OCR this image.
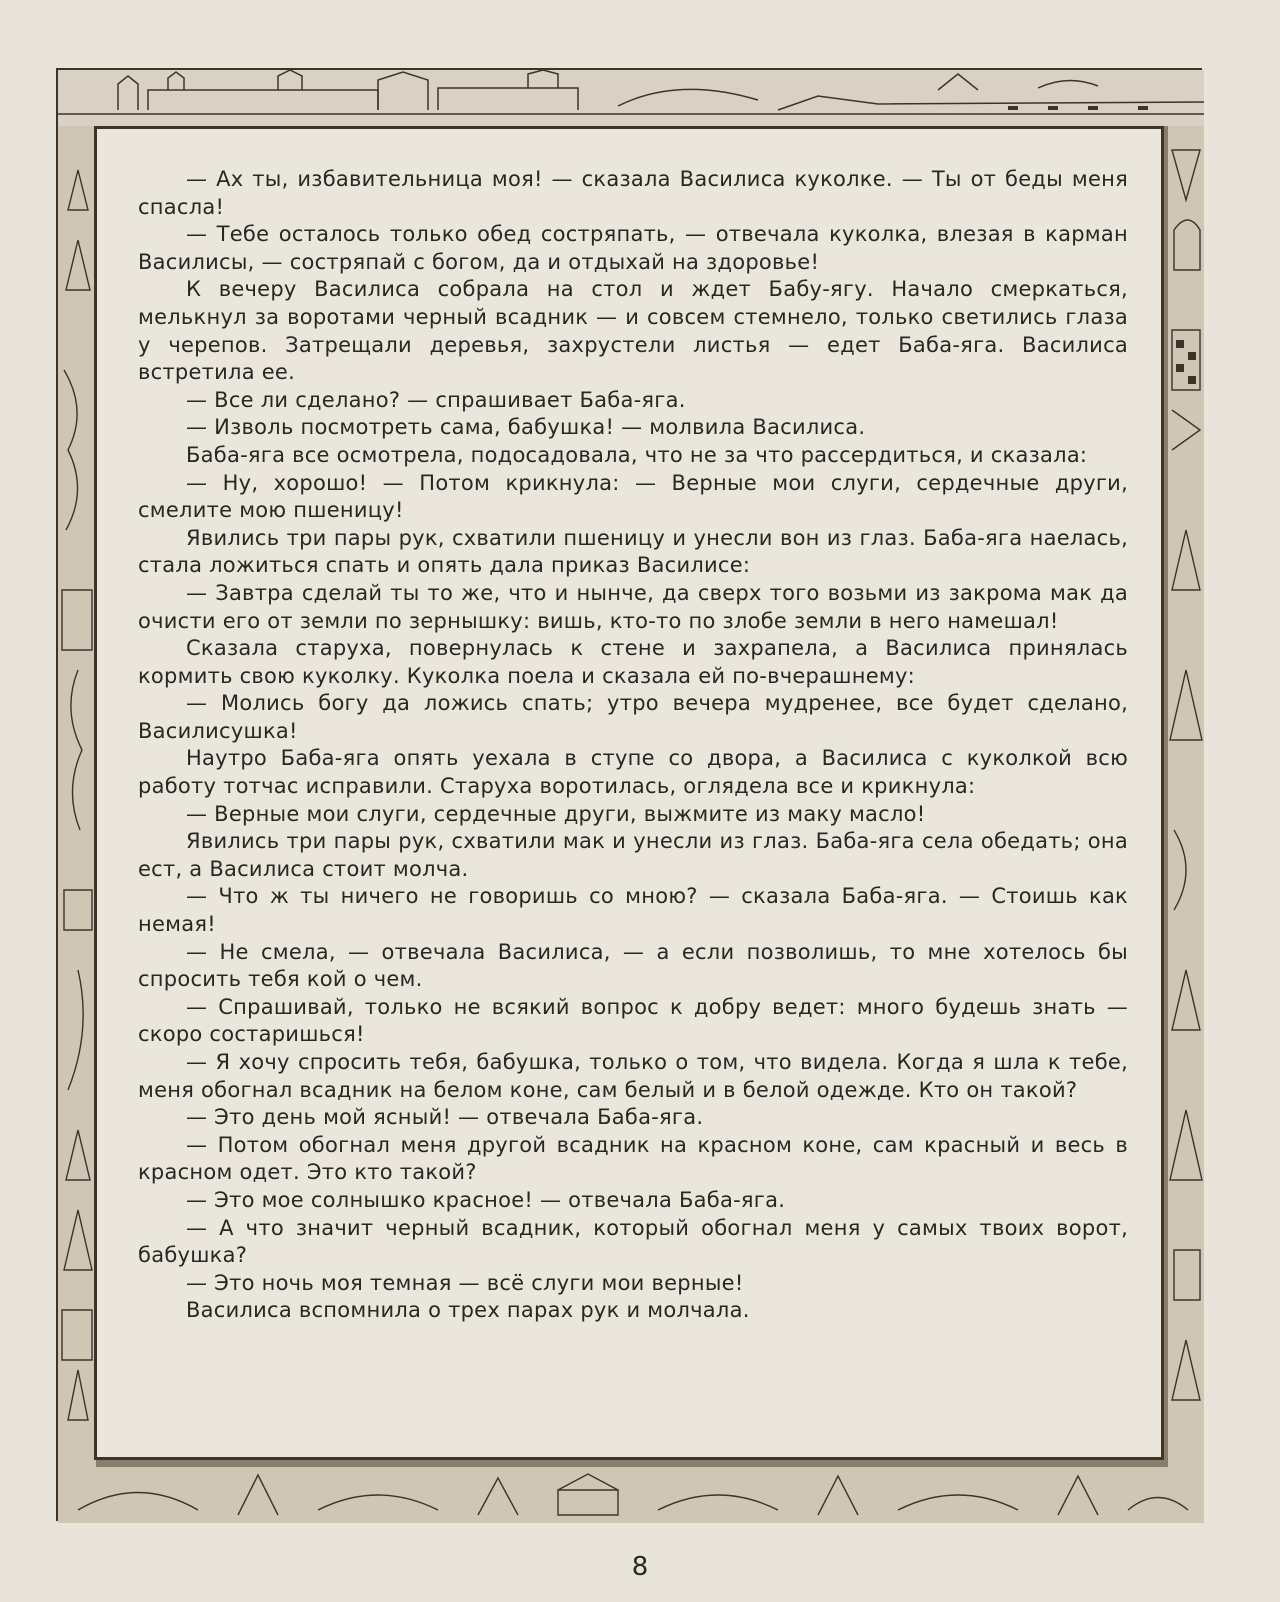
— Ах ты, избавительница моя! — сказала Василиса куколке. — Ты от беды меня спасла!

— Тебе осталось только обед состряпать, — отвечала куколка, влезая в карман Василисы, — состряпай с богом, да и отдыхай на здоровье!

К вечеру Василиса собрала на стол и ждет Бабу-ягу. Начало смеркаться, мелькнул за воротами черный всадник — и совсем стемнело, только светились глаза у черепов. Затрещали деревья, захрустели листья — едет Баба-яга. Василиса встретила ее.

— Все ли сделано? — спрашивает Баба-яга.

— Изволь посмотреть сама, бабушка! — молвила Василиса.

Баба-яга все осмотрела, подосадовала, что не за что рассердиться, и сказала:

— Ну, хорошо! — Потом крикнула: — Верные мои слуги, сердечные други, смелите мою пшеницу!

Явились три пары рук, схватили пшеницу и унесли вон из глаз. Баба-яга наелась, стала ложиться спать и опять дала приказ Василисе:

— Завтра сделай ты то же, что и нынче, да сверх того возьми из закрома мак да очисти его от земли по зернышку: вишь, кто-то по злобе земли в него намешал!

Сказала старуха, повернулась к стене и захрапела, а Василиса принялась кормить свою куколку. Куколка поела и сказала ей по-вчерашнему:

— Молись богу да ложись спать; утро вечера мудренее, все будет сделано, Василисушка!

Наутро Баба-яга опять уехала в ступе со двора, а Василиса с куколкой всю работу тотчас исправили. Старуха воротилась, оглядела все и крикнула:

— Верные мои слуги, сердечные други, выжмите из маку масло!

Явились три пары рук, схватили мак и унесли из глаз. Баба-яга села обедать; она ест, а Василиса стоит молча.

— Что ж ты ничего не говоришь со мною? — сказала Баба-яга. — Стоишь как немая!

— Не смела, — отвечала Василиса, — а если позволишь, то мне хотелось бы спросить тебя кой о чем.

— Спрашивай, только не всякий вопрос к добру ведет: много будешь знать — скоро состаришься!

— Я хочу спросить тебя, бабушка, только о том, что видела. Когда я шла к тебе, меня обогнал всадник на белом коне, сам белый и в белой одежде. Кто он такой?

— Это день мой ясный! — отвечала Баба-яга.

— Потом обогнал меня другой всадник на красном коне, сам красный и весь в красном одет. Это кто такой?

— Это мое солнышко красное! — отвечала Баба-яга.

— А что значит черный всадник, который обогнал меня у самых твоих ворот, бабушка?

— Это ночь моя темная — всё слуги мои верные!

Василиса вспомнила о трех парах рук и молчала.

8
